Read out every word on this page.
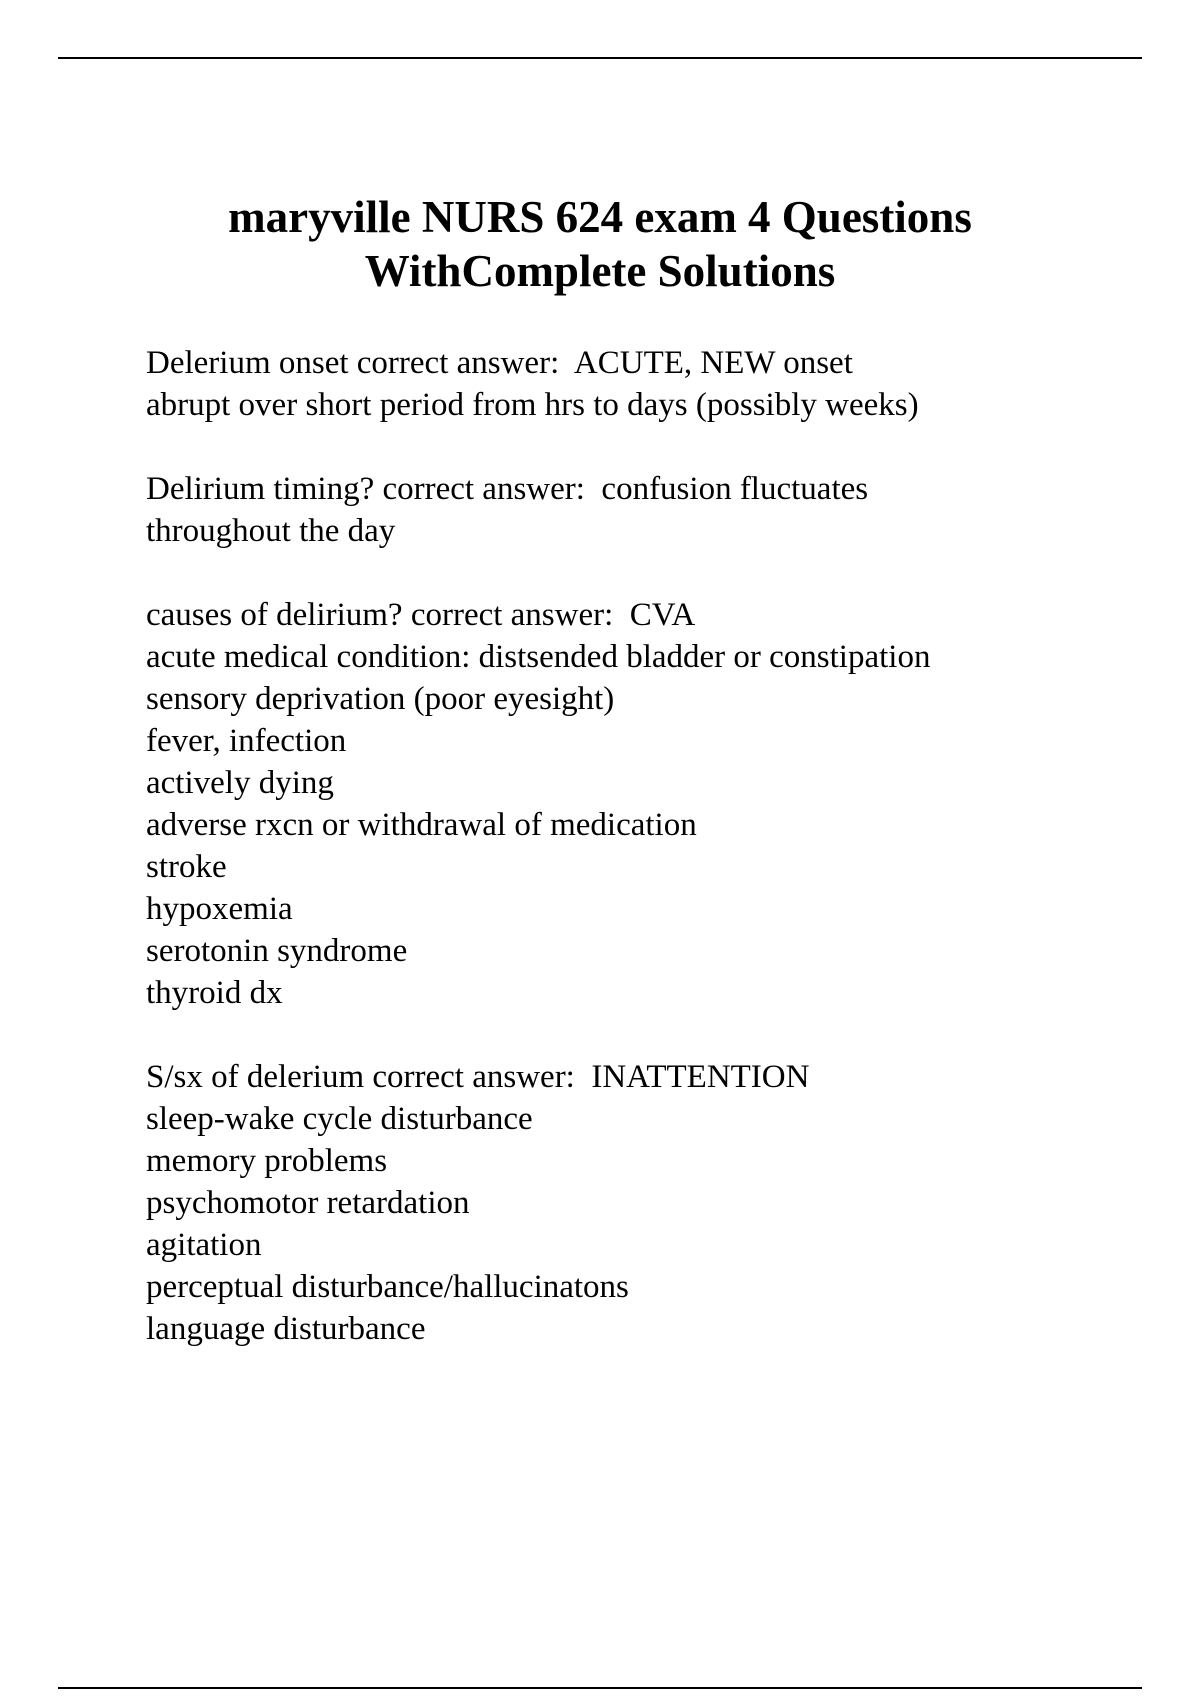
maryville NURS 624 exam 4 Questions
WithComplete Solutions
Delerium onset correct answer:  ACUTE, NEW onset
abrupt over short period from hrs to days (possibly weeks)
Delirium timing? correct answer:  confusion fluctuates
throughout the day
causes of delirium? correct answer:  CVA
acute medical condition: distsended bladder or constipation
sensory deprivation (poor eyesight)
fever, infection
actively dying
adverse rxcn or withdrawal of medication
stroke
hypoxemia
serotonin syndrome
thyroid dx
S/sx of delerium correct answer:  INATTENTION
sleep-wake cycle disturbance
memory problems
psychomotor retardation
agitation
perceptual disturbance/hallucinatons
language disturbance
